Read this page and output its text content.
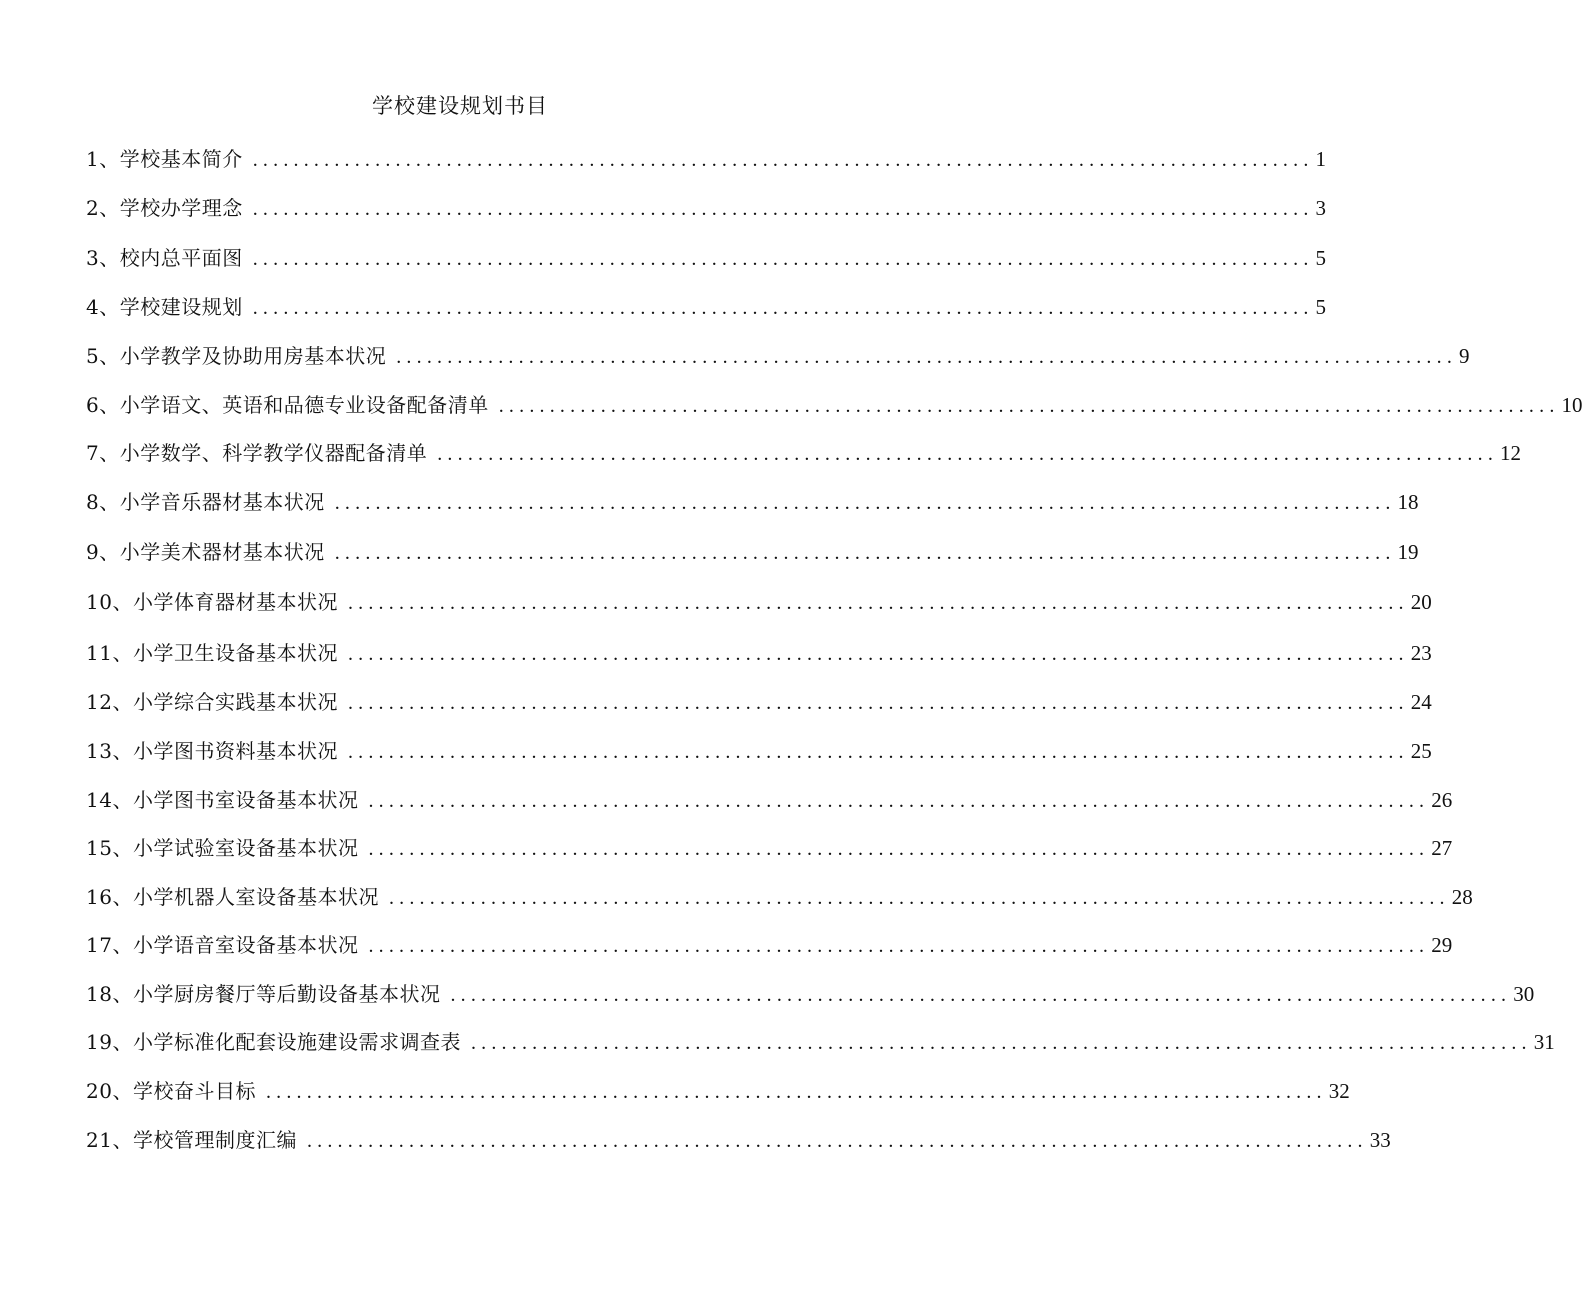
学校建设规划书目
1、学校基本简介 ........................................................................................................ 1
2、学校办学理念 ........................................................................................................ 3
3、校内总平面图 ........................................................................................................ 5
4、学校建设规划 ........................................................................................................ 5
5、小学教学及协助用房基本状况 ........................................................................................................ 9
6、小学语文、英语和品德专业设备配备清单 ........................................................................................................ 10
7、小学数学、科学教学仪器配备清单 ........................................................................................................ 12
8、小学音乐器材基本状况 ........................................................................................................ 18
9、小学美术器材基本状况 ........................................................................................................ 19
10、小学体育器材基本状况 ........................................................................................................ 20
11、小学卫生设备基本状况 ........................................................................................................ 23
12、小学综合实践基本状况 ........................................................................................................ 24
13、小学图书资料基本状况 ........................................................................................................ 25
14、小学图书室设备基本状况 ........................................................................................................ 26
15、小学试验室设备基本状况 ........................................................................................................ 27
16、小学机器人室设备基本状况 ........................................................................................................ 28
17、小学语音室设备基本状况 ........................................................................................................ 29
18、小学厨房餐厅等后勤设备基本状况 ........................................................................................................ 30
19、小学标准化配套设施建设需求调查表 ........................................................................................................ 31
20、学校奋斗目标 ........................................................................................................ 32
21、学校管理制度汇编 ........................................................................................................ 33
